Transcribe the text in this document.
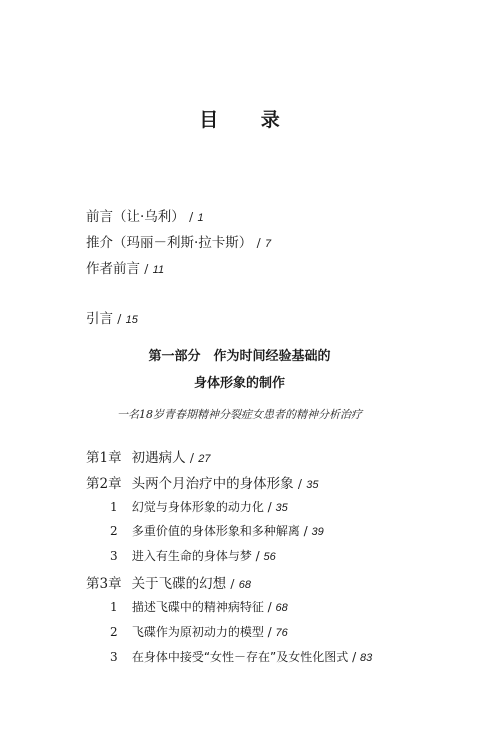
目 录
前言（让·乌利） / 1
推介（玛丽－利斯·拉卡斯） / 7
作者前言 / 11
引言 / 15
第一部分　作为时间经验基础的
身体形象的制作
一名18岁青春期精神分裂症女患者的精神分析治疗
第1章 初遇病人 / 27
第2章 头两个月治疗中的身体形象 / 35
1 幻觉与身体形象的动力化 / 35
2 多重价值的身体形象和多种解离 / 39
3 进入有生命的身体与梦 / 56
第3章 关于飞碟的幻想 / 68
1 描述飞碟中的精神病特征 / 68
2 飞碟作为原初动力的模型 / 76
3 在身体中接受“女性－存在”及女性化图式 / 83
